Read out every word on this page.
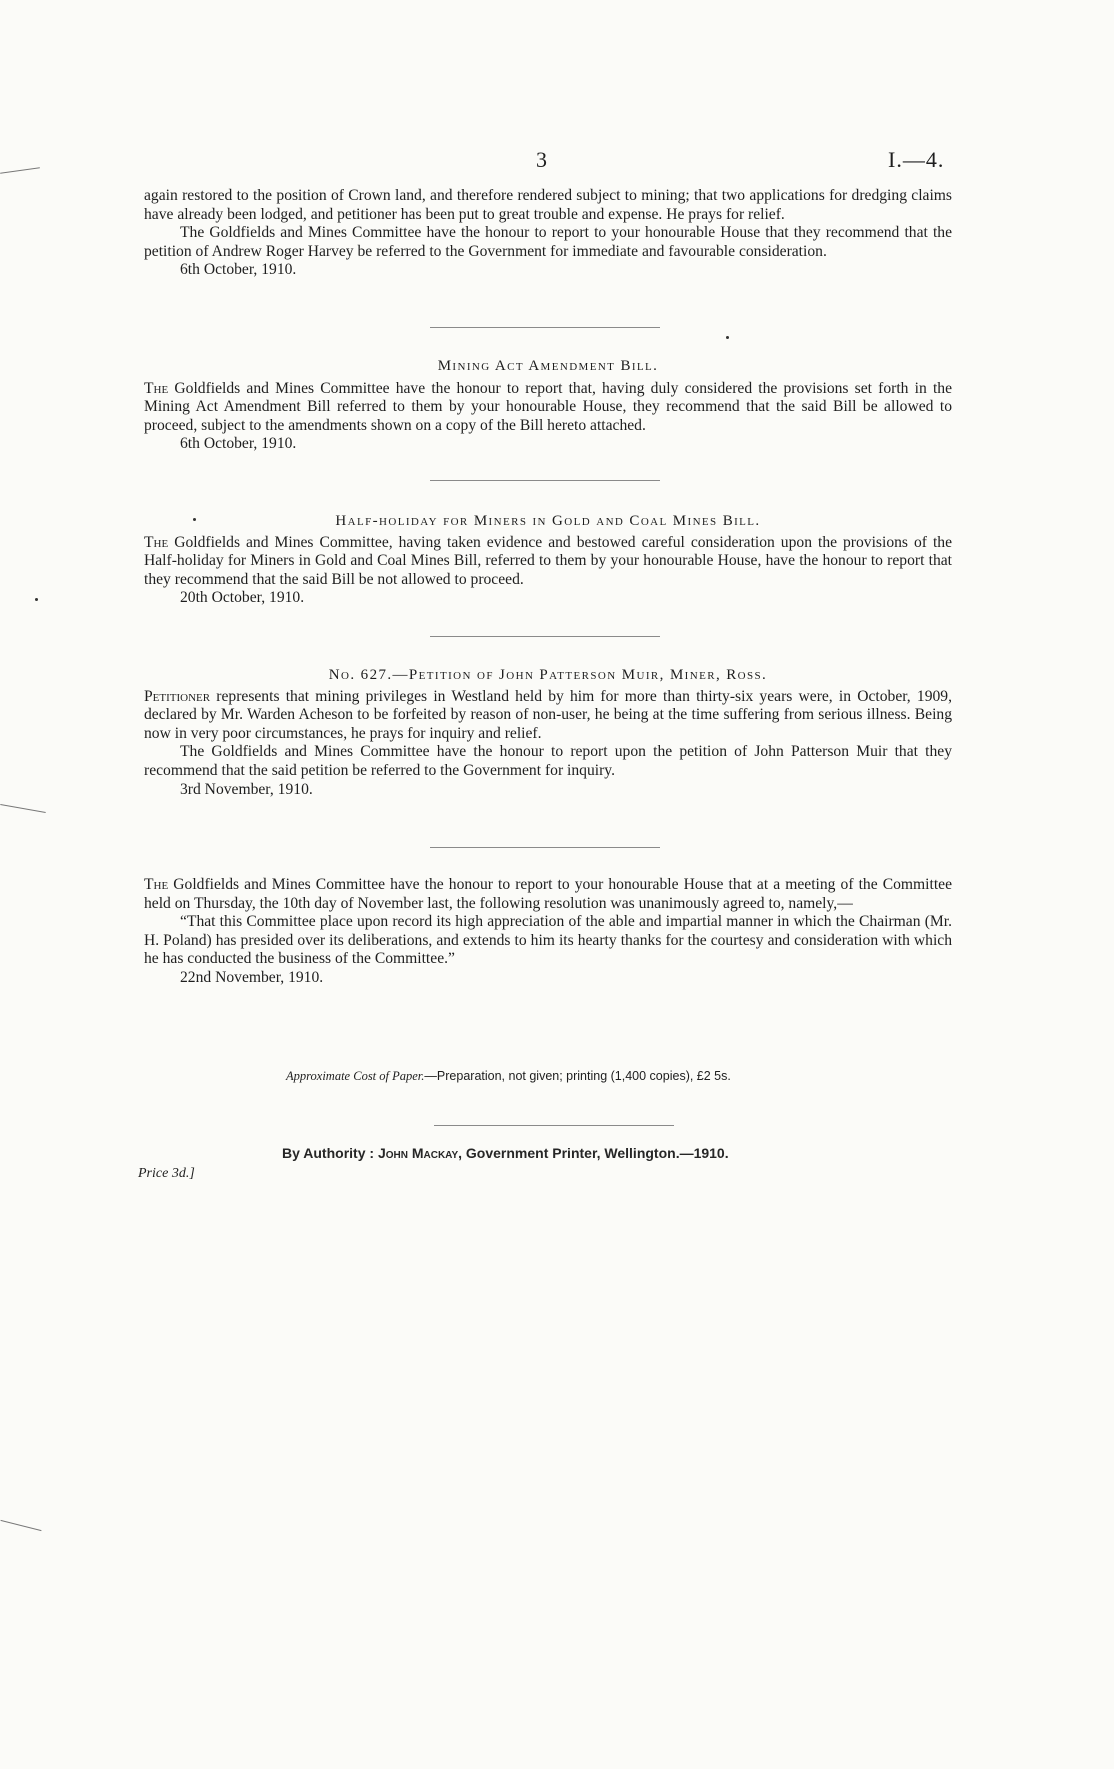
3	I.—4.

again restored to the position of Crown land, and therefore rendered subject to mining; that two applications for dredging claims have already been lodged, and petitioner has been put to great trouble and expense. He prays for relief.

The Goldfields and Mines Committee have the honour to report to your honourable House that they recommend that the petition of Andrew Roger Harvey be referred to the Government for immediate and favourable consideration.

6th October, 1910.

Mining Act Amendment Bill.

The Goldfields and Mines Committee have the honour to report that, having duly considered the provisions set forth in the Mining Act Amendment Bill referred to them by your honourable House, they recommend that the said Bill be allowed to proceed, subject to the amendments shown on a copy of the Bill hereto attached.

6th October, 1910.

Half-holiday for Miners in Gold and Coal Mines Bill.

The Goldfields and Mines Committee, having taken evidence and bestowed careful consideration upon the provisions of the Half-holiday for Miners in Gold and Coal Mines Bill, referred to them by your honourable House, have the honour to report that they recommend that the said Bill be not allowed to proceed.

20th October, 1910.

No. 627.—Petition of John Patterson Muir, Miner, Ross.

Petitioner represents that mining privileges in Westland held by him for more than thirty-six years were, in October, 1909, declared by Mr. Warden Acheson to be forfeited by reason of non-user, he being at the time suffering from serious illness. Being now in very poor circumstances, he prays for inquiry and relief.

The Goldfields and Mines Committee have the honour to report upon the petition of John Patterson Muir that they recommend that the said petition be referred to the Government for inquiry.

3rd November, 1910.

The Goldfields and Mines Committee have the honour to report to your honourable House that at a meeting of the Committee held on Thursday, the 10th day of November last, the following resolution was unanimously agreed to, namely,—

“That this Committee place upon record its high appreciation of the able and impartial manner in which the Chairman (Mr. H. Poland) has presided over its deliberations, and extends to him its hearty thanks for the courtesy and consideration with which he has conducted the business of the Committee.”

22nd November, 1910.

Approximate Cost of Paper.—Preparation, not given; printing (1,400 copies), £2 5s.
By Authority : John Mackay, Government Printer, Wellington.—1910.
Price 3d.]
